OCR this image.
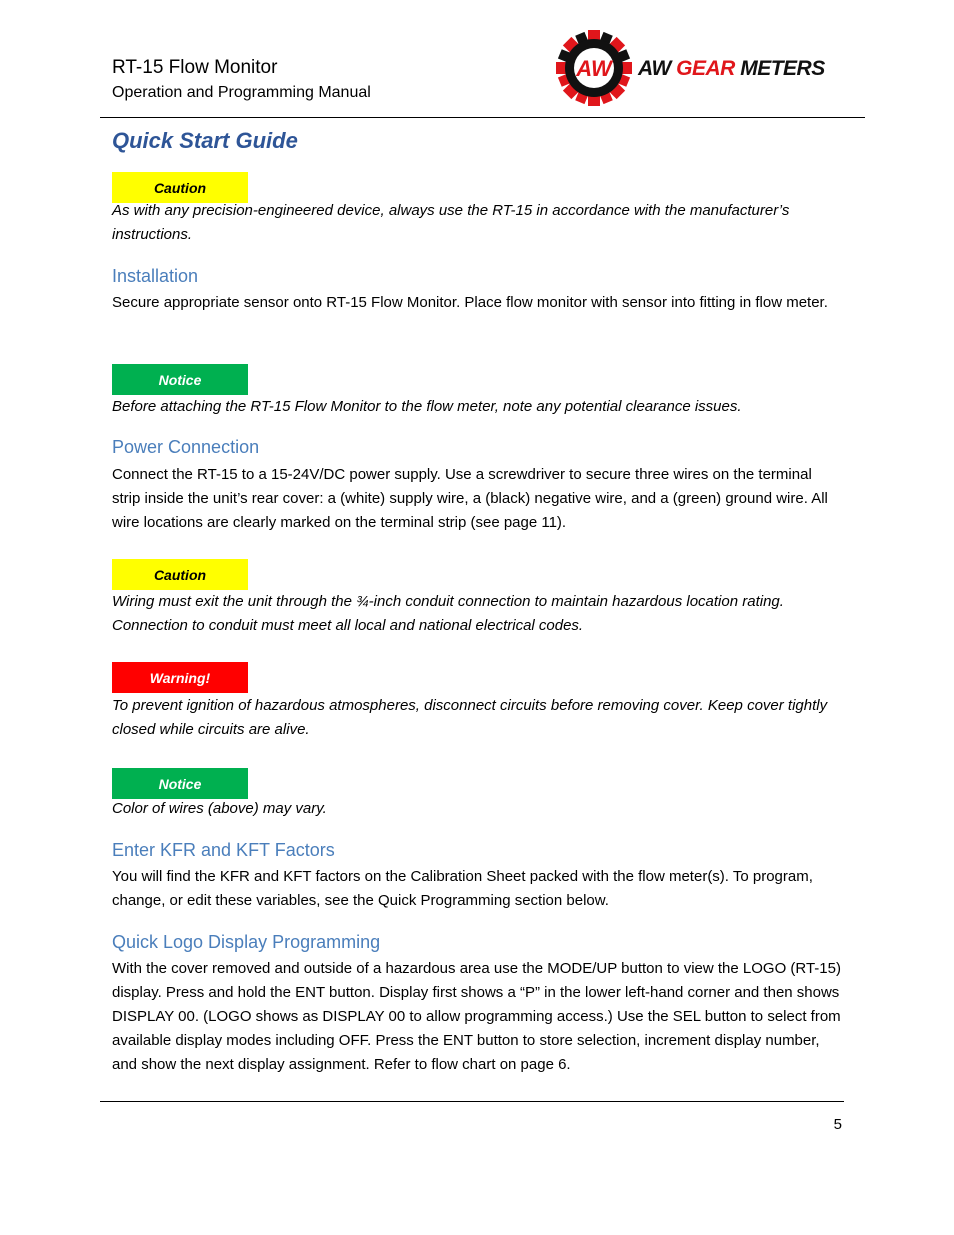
RT-15 Flow Monitor
Operation and Programming Manual
AW AW GEAR METERS
Quick Start Guide
Caution
As with any precision-engineered device, always use the RT-15 in accordance with the manufacturer’s instructions.
Installation
Secure appropriate sensor onto RT-15 Flow Monitor. Place flow monitor with sensor into fitting in flow meter.
Notice
Before attaching the RT-15 Flow Monitor to the flow meter, note any potential clearance issues.
Power Connection
Connect the RT-15 to a 15-24V/DC power supply. Use a screwdriver to secure three wires on the terminal strip inside the unit’s rear cover: a (white) supply wire, a (black) negative wire, and a (green) ground wire. All wire locations are clearly marked on the terminal strip (see page 11).
Caution
Wiring must exit the unit through the ¾-inch conduit connection to maintain hazardous location rating. Connection to conduit must meet all local and national electrical codes.
Warning!
To prevent ignition of hazardous atmospheres, disconnect circuits before removing cover. Keep cover tightly closed while circuits are alive.
Notice
Color of wires (above) may vary.
Enter KFR and KFT Factors
You will find the KFR and KFT factors on the Calibration Sheet packed with the flow meter(s). To program, change, or edit these variables, see the Quick Programming section below.
Quick Logo Display Programming
With the cover removed and outside of a hazardous area use the MODE/UP button to view the LOGO (RT-15) display. Press and hold the ENT button. Display first shows a “P” in the lower left-hand corner and then shows DISPLAY 00. (LOGO shows as DISPLAY 00 to allow programming access.) Use the SEL button to select from available display modes including OFF. Press the ENT button to store selection, increment display number, and show the next display assignment. Refer to flow chart on page 6.
5
